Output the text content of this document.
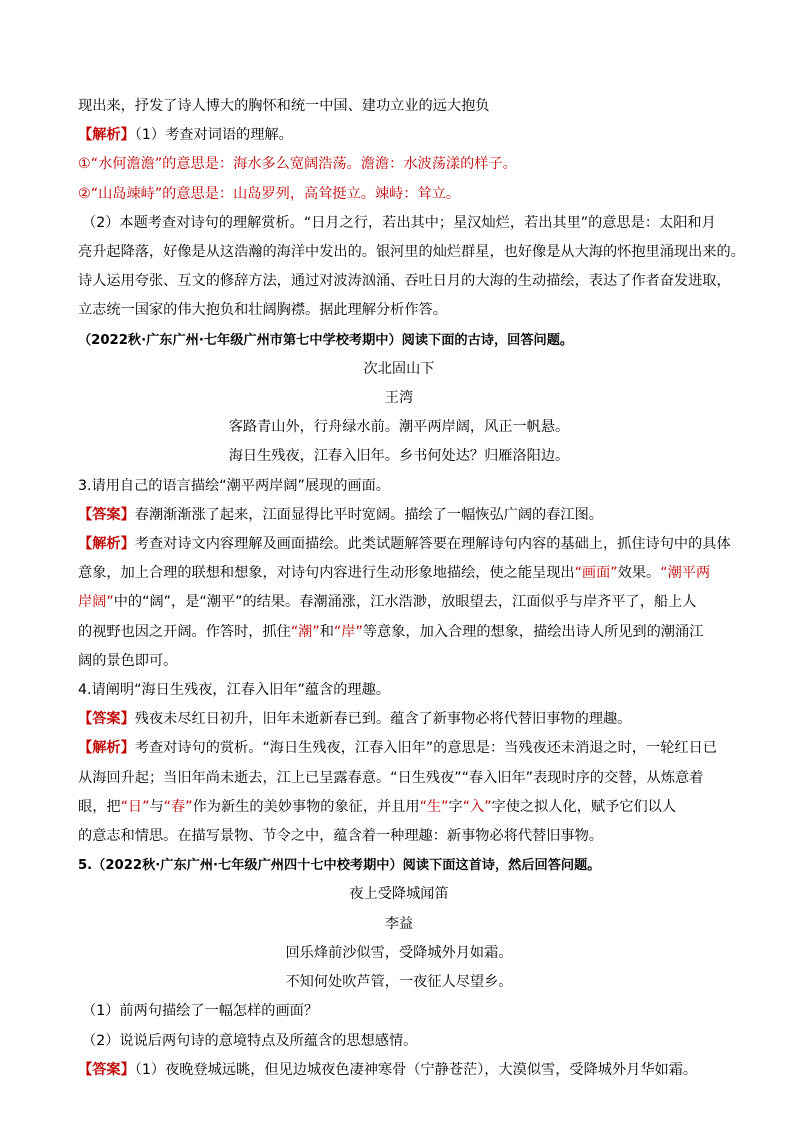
现出来，抒发了诗人博大的胸怀和统一中国、建功立业的远大抱负
【解析】（1）考查对词语的理解。
①“水何澹澹”的意思是：海水多么宽阔浩荡。澹澹：水波荡漾的样子。
②“山岛竦峙”的意思是：山岛罗列，高耸挺立。竦峙：耸立。
（2）本题考查对诗句的理解赏析。“日月之行，若出其中；星汉灿烂，若出其里”的意思是：太阳和月
亮升起降落，好像是从这浩瀚的海洋中发出的。银河里的灿烂群星，也好像是从大海的怀抱里涌现出来的。
诗人运用夸张、互文的修辞方法，通过对波涛汹涌、吞吐日月的大海的生动描绘，表达了作者奋发进取，
立志统一国家的伟大抱负和壮阔胸襟。据此理解分析作答。
（2022秋·广东广州·七年级广州市第七中学校考期中）阅读下面的古诗，回答问题。
次北固山下
王湾
客路青山外，行舟绿水前。潮平两岸阔，风正一帆悬。
海日生残夜，江春入旧年。乡书何处达？归雁洛阳边。
3.请用自己的语言描绘“潮平两岸阔”展现的画面。
【答案】春潮渐渐涨了起来，江面显得比平时宽阔。描绘了一幅恢弘广阔的春江图。
【解析】考查对诗文内容理解及画面描绘。此类试题解答要在理解诗句内容的基础上，抓住诗句中的具体
意象，加上合理的联想和想象，对诗句内容进行生动形象地描绘，使之能呈现出“画面”效果。“潮平两
岸阔”中的“阔”，是“潮平”的结果。春潮涌涨，江水浩渺，放眼望去，江面似乎与岸齐平了，船上人
的视野也因之开阔。作答时，抓住“潮”和“岸”等意象，加入合理的想象，描绘出诗人所见到的潮涌江
阔的景色即可。
4.请阐明“海日生残夜，江春入旧年”蕴含的理趣。
【答案】残夜未尽红日初升，旧年未逝新春已到。蕴含了新事物必将代替旧事物的理趣。
【解析】考查对诗句的赏析。“海日生残夜，江春入旧年”的意思是：当残夜还未消退之时，一轮红日已
从海回升起；当旧年尚未逝去，江上已呈露春意。“日生残夜”“春入旧年”表现时序的交替，从炼意着
眼，把“日”与“春”作为新生的美妙事物的象征，并且用“生”字“入”字使之拟人化，赋予它们以人
的意志和情思。在描写景物、节令之中，蕴含着一种理趣：新事物必将代替旧事物。
5.（2022秋·广东广州·七年级广州四十七中校考期中）阅读下面这首诗，然后回答问题。
夜上受降城闻笛
李益
回乐烽前沙似雪，受降城外月如霜。
不知何处吹芦管，一夜征人尽望乡。
（1）前两句描绘了一幅怎样的画面？
（2）说说后两句诗的意境特点及所蕴含的思想感情。
【答案】（1）夜晚登城远眺，但见边城夜色凄神寒骨（宁静苍茫），大漠似雪，受降城外月华如霜。
